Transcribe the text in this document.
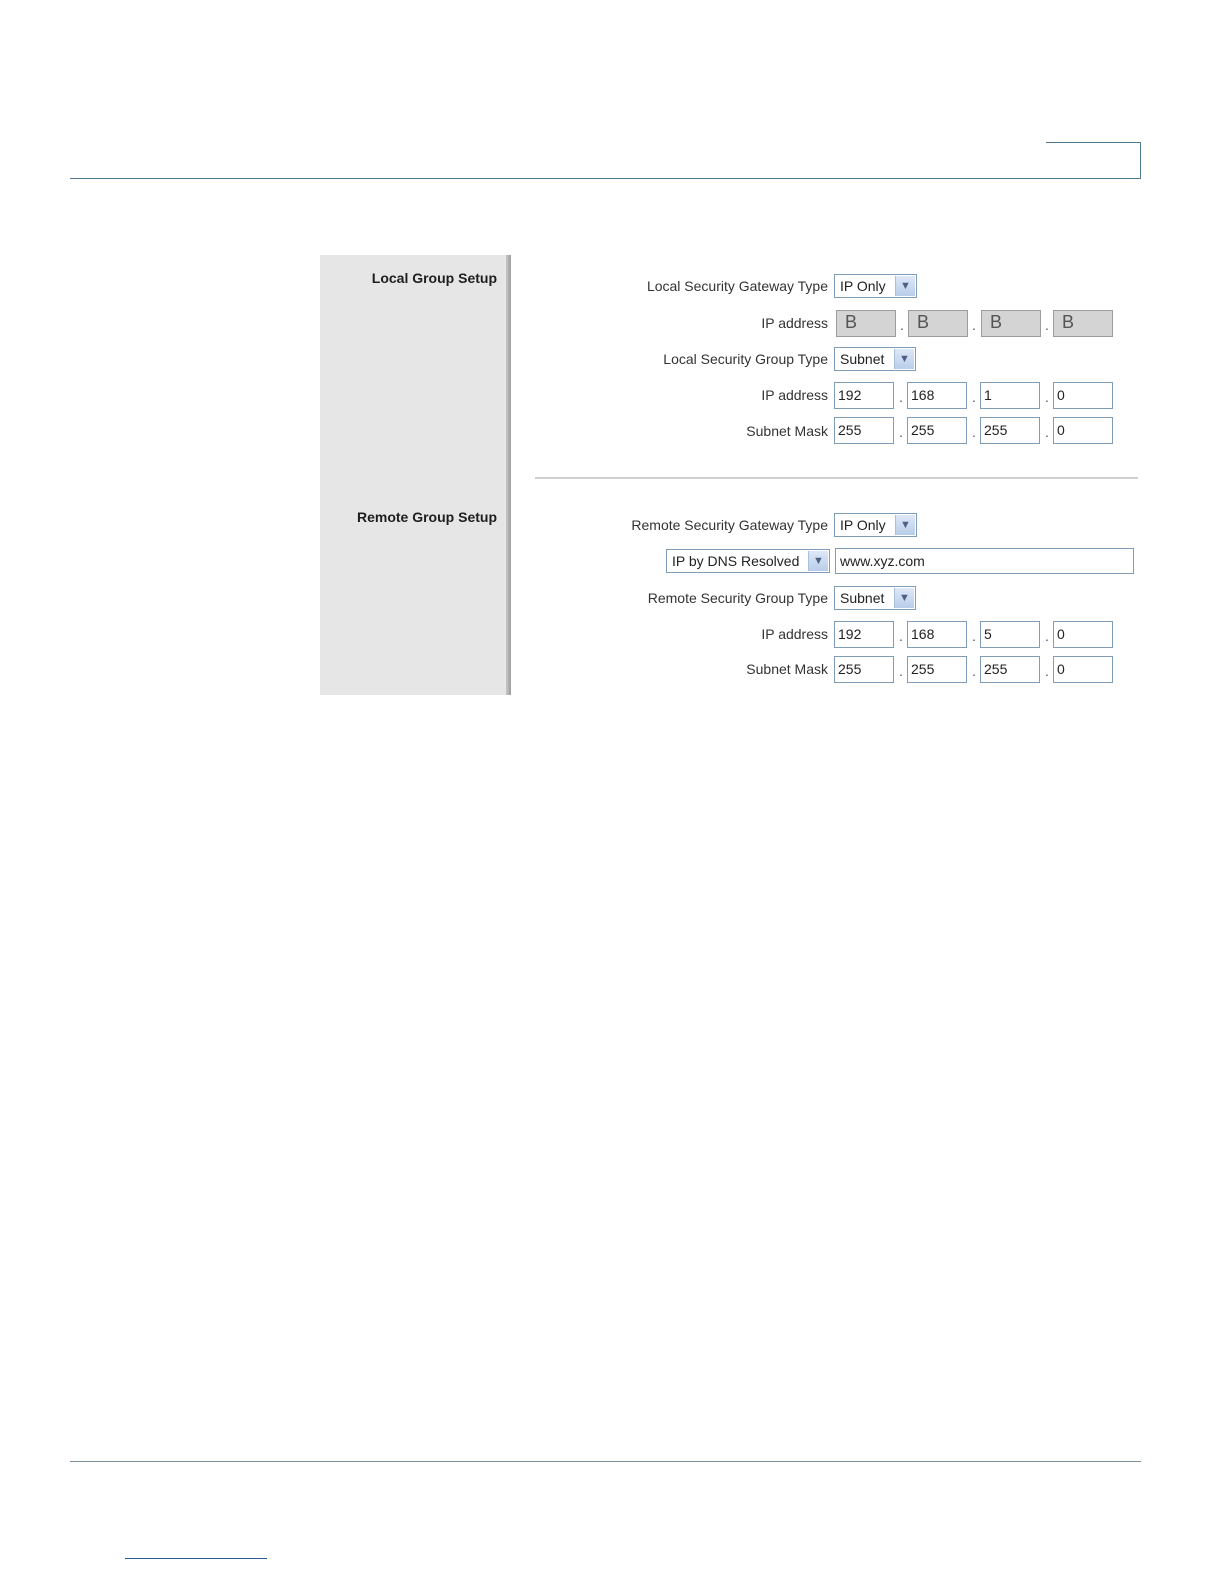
Local Group Setup	Local Security Gateway Type IP Only	▼
IP address B	. B	. B	. B
Local Security Group Type Subnet	▼
IP address 192	. 168	. 1	. 0
Subnet Mask 255	. 255	. 255	. 0
Remote Group Setup	Remote Security Gateway Type IP Only	▼
IP by DNS Resolved	▼	www.xyz.com
Remote Security Group Type Subnet	▼
IP address 192	. 168	. 5	. 0
Subnet Mask 255	. 255	. 255	. 0
